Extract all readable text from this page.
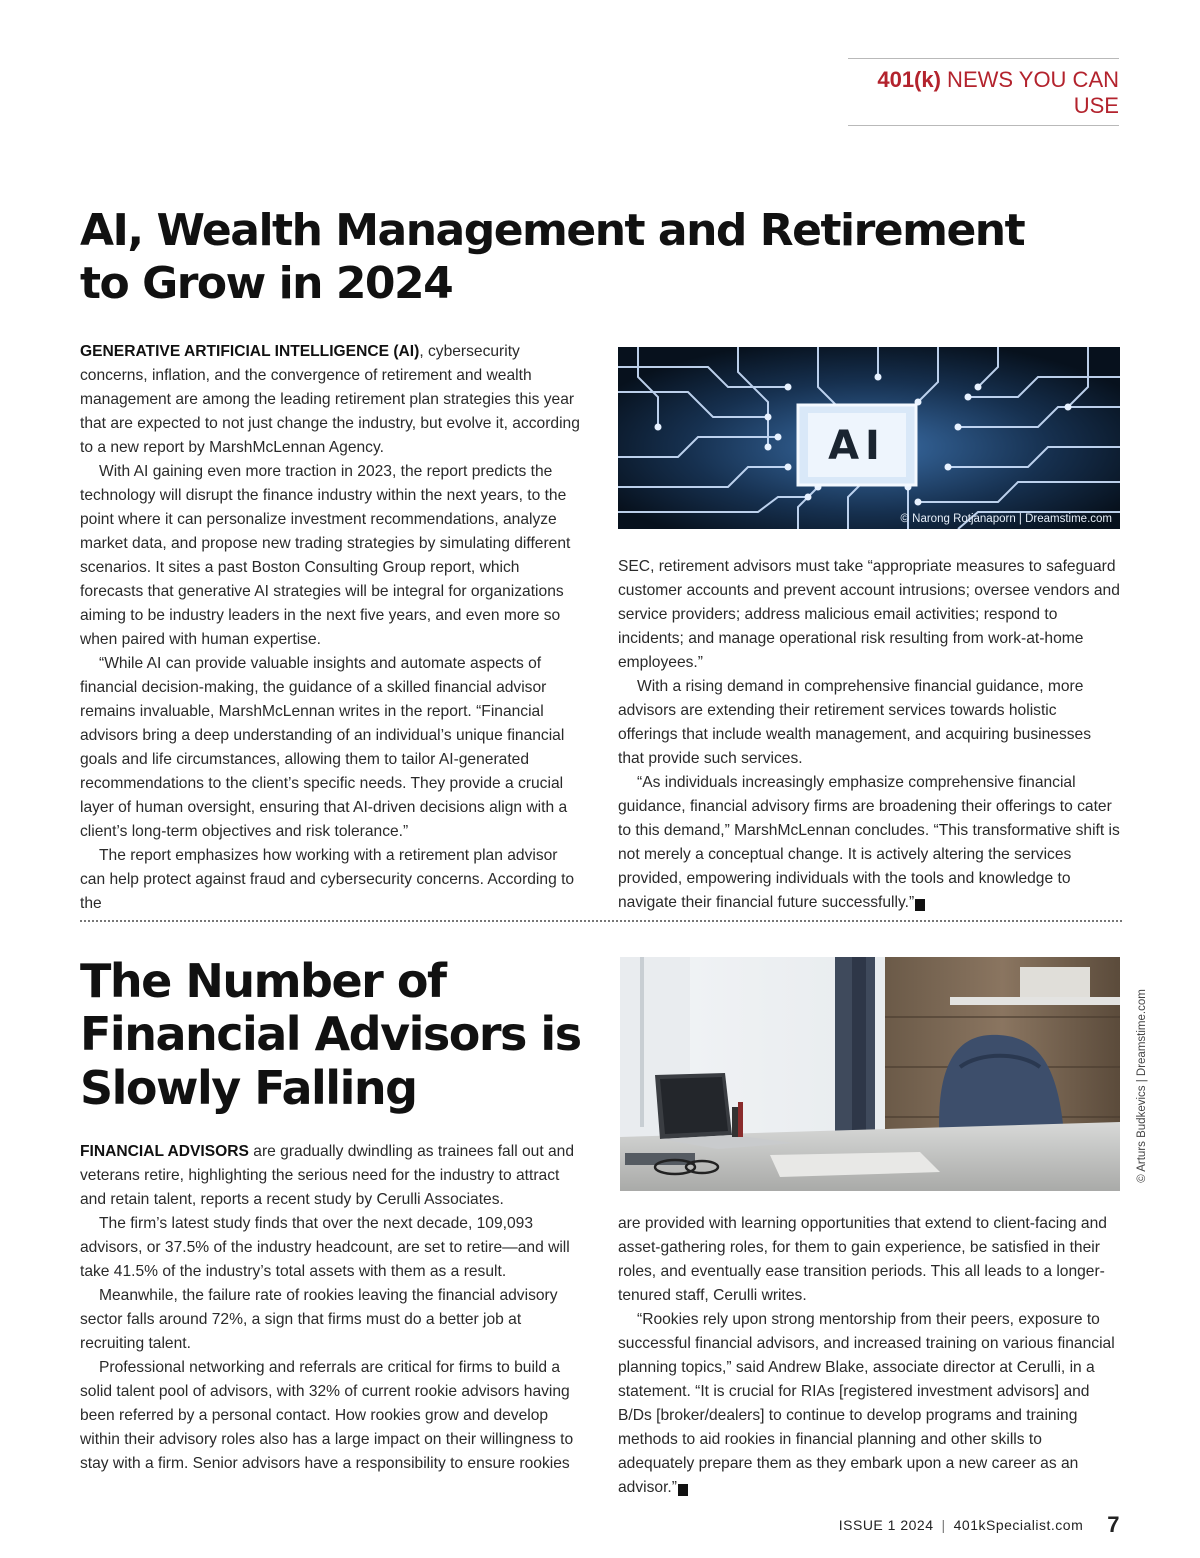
401(k) NEWS YOU CAN USE
AI, Wealth Management and Retirement to Grow in 2024

GENERATIVE ARTIFICIAL INTELLIGENCE (AI), cybersecurity concerns, inflation, and the convergence of retirement and wealth management are among the leading retirement plan strategies this year that are expected to not just change the industry, but evolve it, according to a new report by MarshMcLennan Agency.

With AI gaining even more traction in 2023, the report predicts the technology will disrupt the finance industry within the next years, to the point where it can personalize investment recommendations, analyze market data, and propose new trading strategies by simulating different scenarios. It sites a past Boston Consulting Group report, which forecasts that generative AI strategies will be integral for organizations aiming to be industry leaders in the next five years, and even more so when paired with human expertise.

“While AI can provide valuable insights and automate aspects of financial decision-making, the guidance of a skilled financial advisor remains invaluable, MarshMcLennan writes in the report. “Financial advisors bring a deep understanding of an individual’s unique financial goals and life circumstances, allowing them to tailor AI-generated recommendations to the client’s specific needs. They provide a crucial layer of human oversight, ensuring that AI-driven decisions align with a client’s long-term objectives and risk tolerance.”

The report emphasizes how working with a retirement plan advisor can help protect against fraud and cybersecurity concerns. According to the

AI
© Narong Rotjanaporn | Dreamstime.com

SEC, retirement advisors must take “appropriate measures to safeguard customer accounts and prevent account intrusions; oversee vendors and service providers; address malicious email activities; respond to incidents; and manage operational risk resulting from work-at-home employees.”

With a rising demand in comprehensive financial guidance, more advisors are extending their retirement services towards holistic offerings that include wealth management, and acquiring businesses that provide such services.

“As individuals increasingly emphasize comprehensive financial guidance, financial advisory firms are broadening their offerings to cater to this demand,” MarshMcLennan concludes. “This transformative shift is not merely a conceptual change. It is actively altering the services provided, empowering individuals with the tools and knowledge to navigate their financial future successfully.” K

The Number of Financial Advisors is Slowly Falling	© Arturs Budkevics | Dreamstime.com

FINANCIAL ADVISORS are gradually dwindling as trainees fall out and veterans retire, highlighting the serious need for the industry to attract and retain talent, reports a recent study by Cerulli Associates.

The firm’s latest study finds that over the next decade, 109,093 advisors, or 37.5% of the industry headcount, are set to retire—and will take 41.5% of the industry’s total assets with them as a result.

Meanwhile, the failure rate of rookies leaving the financial advisory sector falls around 72%, a sign that firms must do a better job at recruiting talent.

Professional networking and referrals are critical for firms to build a solid talent pool of advisors, with 32% of current rookie advisors having been referred by a personal contact. How rookies grow and develop within their advisory roles also has a large impact on their willingness to stay with a firm. Senior advisors have a responsibility to ensure rookies

are provided with learning opportunities that extend to client-facing and asset-gathering roles, for them to gain experience, be satisfied in their roles, and eventually ease transition periods. This all leads to a longer-tenured staff, Cerulli writes.

“Rookies rely upon strong mentorship from their peers, exposure to successful financial advisors, and increased training on various financial planning topics,” said Andrew Blake, associate director at Cerulli, in a statement. “It is crucial for RIAs [registered investment advisors] and B/Ds [broker/dealers] to continue to develop programs and training methods to aid rookies in financial planning and other skills to adequately prepare them as they embark upon a new career as an advisor.” K

ISSUE 1 2024 | 401kSpecialist.com 7
